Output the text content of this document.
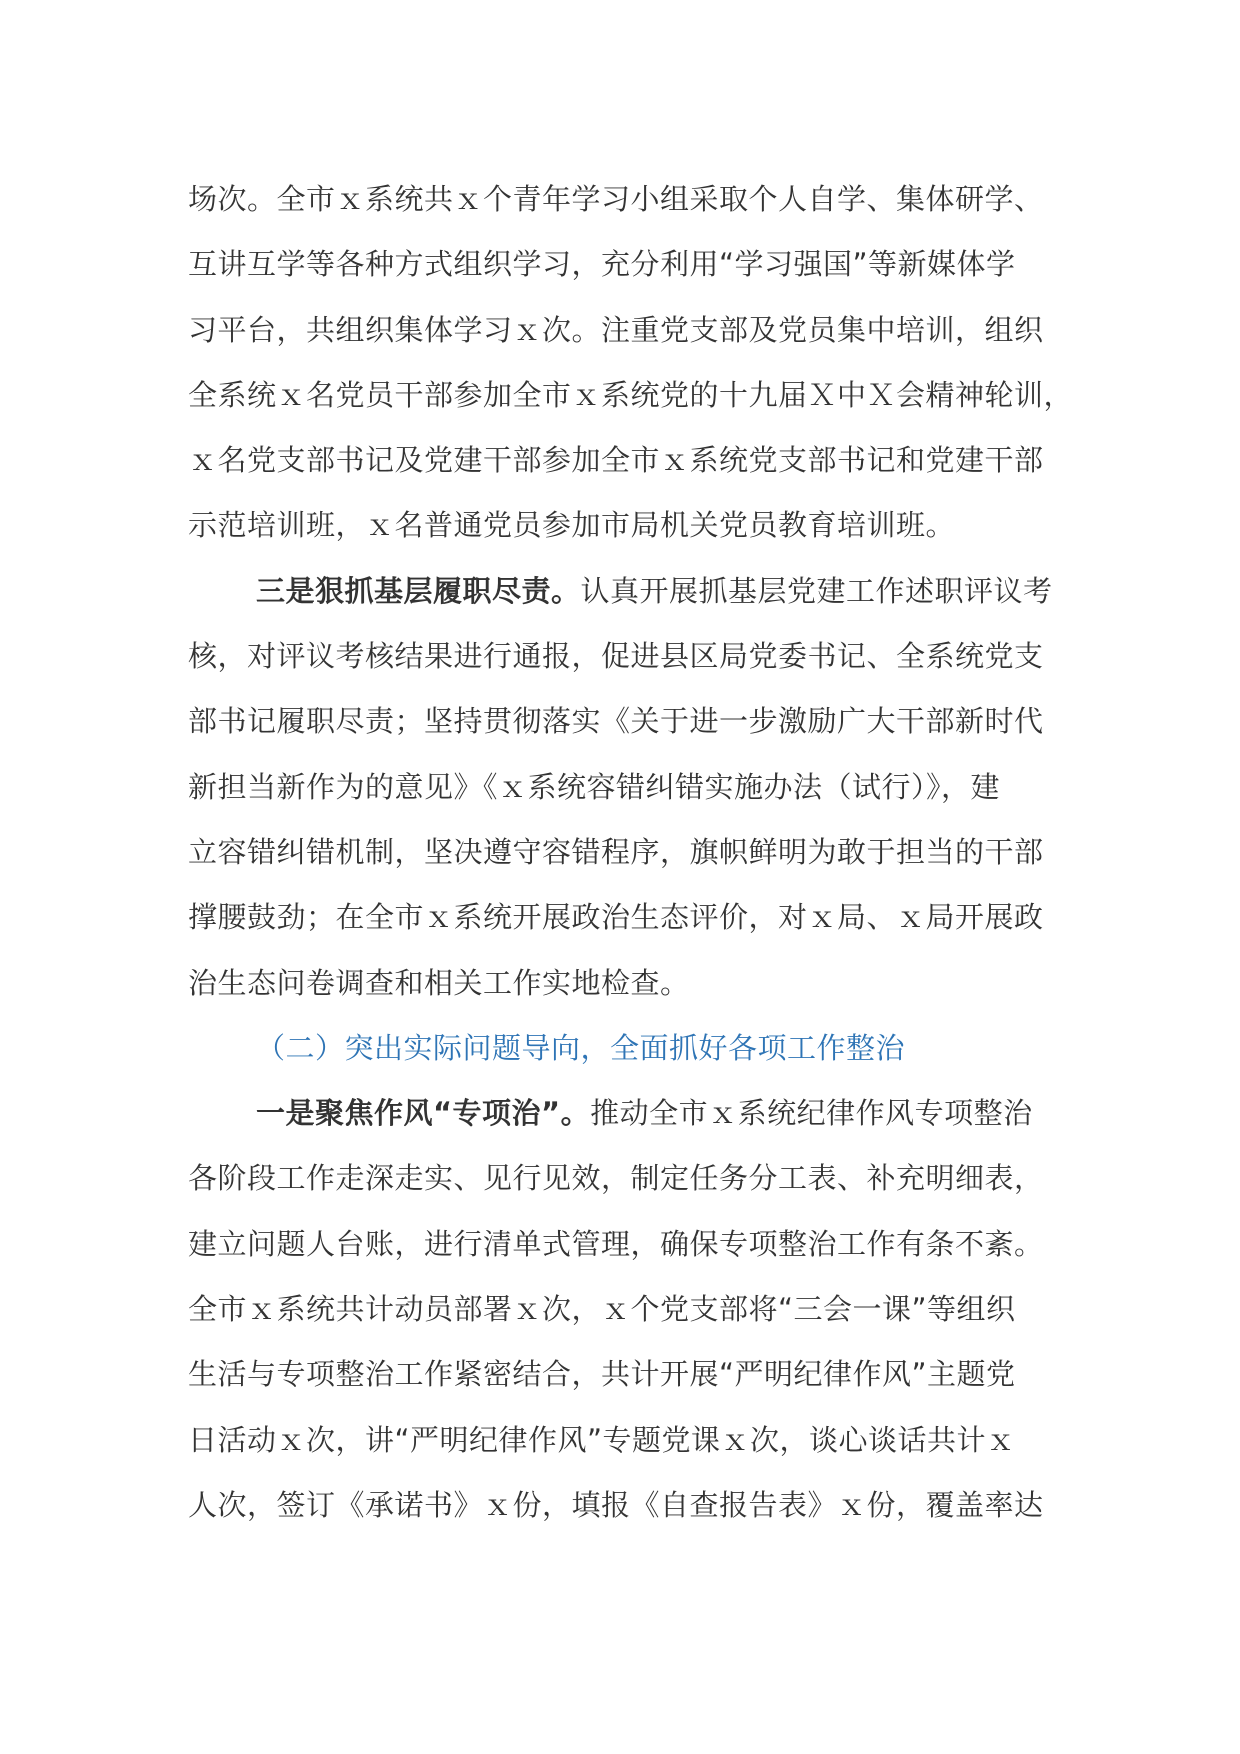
场次。全市ｘ系统共ｘ个青年学习小组采取个人自学、集体研学、

互讲互学等各种方式组织学习，充分利用“学习强国”等新媒体学

习平台，共组织集体学习ｘ次。注重党支部及党员集中培训，组织

全系统ｘ名党员干部参加全市ｘ系统党的十九届Ｘ中Ｘ会精神轮训，

ｘ名党支部书记及党建干部参加全市ｘ系统党支部书记和党建干部

示范培训班，ｘ名普通党员参加市局机关党员教育培训班。

三是狠抓基层履职尽责。认真开展抓基层党建工作述职评议考

核，对评议考核结果进行通报，促进县区局党委书记、全系统党支

部书记履职尽责；坚持贯彻落实《关于进一步激励广大干部新时代

新担当新作为的意见》《ｘ系统容错纠错实施办法（试行）》，建

立容错纠错机制，坚决遵守容错程序，旗帜鲜明为敢于担当的干部

撑腰鼓劲；在全市ｘ系统开展政治生态评价，对ｘ局、ｘ局开展政

治生态问卷调查和相关工作实地检查。

（二）突出实际问题导向，全面抓好各项工作整治

一是聚焦作风“专项治”。推动全市ｘ系统纪律作风专项整治

各阶段工作走深走实、见行见效，制定任务分工表、补充明细表，

建立问题人台账，进行清单式管理，确保专项整治工作有条不紊。

全市ｘ系统共计动员部署ｘ次，ｘ个党支部将“三会一课”等组织

生活与专项整治工作紧密结合，共计开展“严明纪律作风”主题党

日活动ｘ次，讲“严明纪律作风”专题党课ｘ次，谈心谈话共计ｘ

人次，签订《承诺书》ｘ份，填报《自查报告表》ｘ份，覆盖率达
